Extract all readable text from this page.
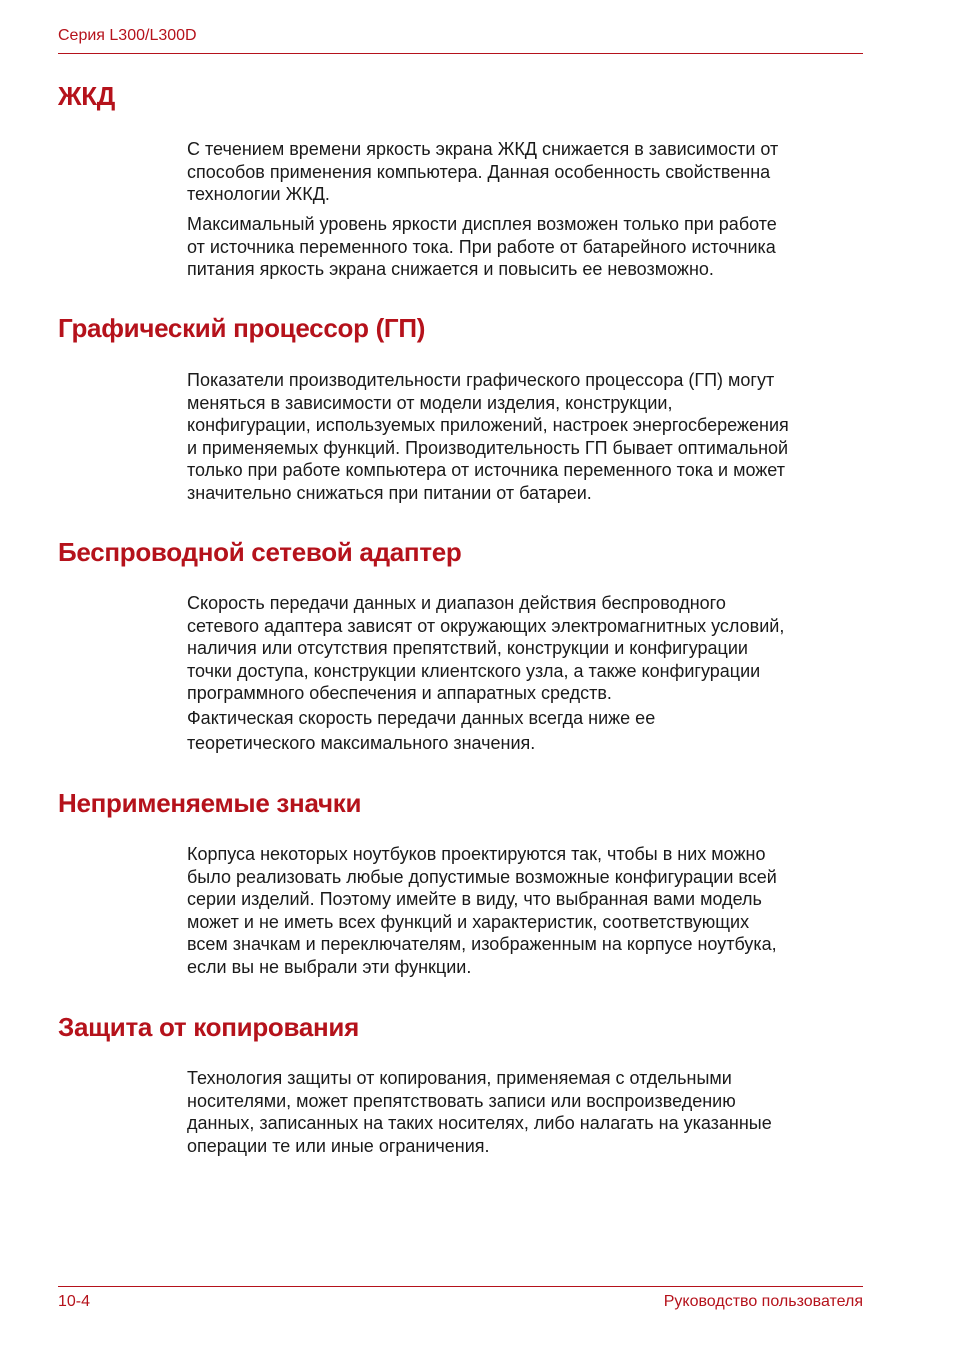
Серия L300/L300D
ЖКД

С течением времени яркость экрана ЖКД снижается в зависимости от
способов применения компьютера. Данная особенность свойственна
технологии ЖКД.

Максимальный уровень яркости дисплея возможен только при работе
от источника переменного тока. При работе от батарейного источника
питания яркость экрана снижается и повысить ее невозможно.

Графический процессор (ГП)

Показатели производительности графического процессора (ГП) могут
меняться в зависимости от модели изделия, конструкции,
конфигурации, используемых приложений, настроек энергосбережения
и применяемых функций. Производительность ГП бывает оптимальной
только при работе компьютера от источника переменного тока и может
значительно снижаться при питании от батареи.

Беспроводной сетевой адаптер

Скорость передачи данных и диапазон действия беспроводного
сетевого адаптера зависят от окружающих электромагнитных условий,
наличия или отсутствия препятствий, конструкции и конфигурации
точки доступа, конструкции клиентского узла, а также конфигурации
программного обеспечения и аппаратных средств.

Фактическая скорость передачи данных всегда ниже ее
теоретического максимального значения.

Неприменяемые значки

Корпуса некоторых ноутбуков проектируются так, чтобы в них можно
было реализовать любые допустимые возможные конфигурации всей
серии изделий. Поэтому имейте в виду, что выбранная вами модель
может и не иметь всех функций и характеристик, соответствующих
всем значкам и переключателям, изображенным на корпусе ноутбука,
если вы не выбрали эти функции.

Защита от копирования

Технология защиты от копирования, применяемая с отдельными
носителями, может препятствовать записи или воспроизведению
данных, записанных на таких носителях, либо налагать на указанные
операции те или иные ограничения.

10-4	Руководство пользователя
